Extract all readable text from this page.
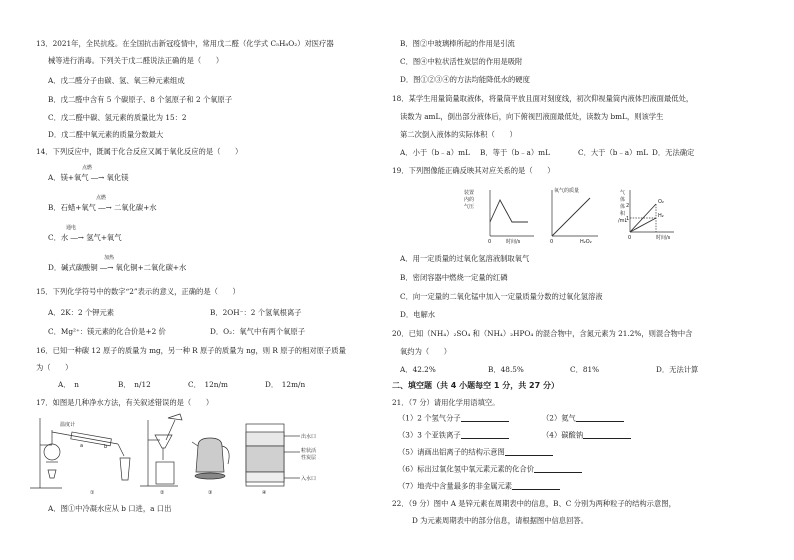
13．2021年，全民抗疫。在全国抗击新冠疫情中，常用戊二醛（化学式 C₅H₈O₂）对医疗器
械等进行消毒。下列关于戊二醛说法正确的是（　　）
A．戊二醛分子由碳、氢、氧三种元素组成
B．戊二醛中含有 5 个碳原子、8 个氢原子和 2 个氧原子
C．戊二醛中碳、氢元素的质量比为 15：2
D．戊二醛中氧元素的质量分数最大
14．下列反应中，既属于化合反应又属于氧化反应的是（　　）
点燃
A．镁+氧气 ―→ 氧化镁
点燃
B．石蜡+氧气 ―→ 二氧化碳+水
通电
C．水 ―→ 氢气+氧气
加热
D．碱式碳酸铜 ―→ 氧化铜+二氧化碳+水
15．下列化学符号中的数字“2”表示的意义，正确的是（　　）
A．2K：2 个钾元素	B．2OH⁻：2 个氢氧根离子
C．Mg²⁺：镁元素的化合价是+2 价	D．O₂：氧气中有两个氧原子
16．已知一种碳 12 原子的质量为 mg，另一种 R 原子的质量为 ng，则 R 原子的相对原子质量
为（　　）
A．　n	B．　n/12	C．　12n/m	D．　12m/n
17．如图是几种净水方法，有关叙述错误的是（　　）
温度计
a	b
①	②	③
出水口
粒状活
性炭层
入水口
④
A．图①中冷凝水应从 b 口进，a 口出
B．图②中玻璃棒所起的作用是引流
C．图④中粒状活性炭层的作用是吸附
D．图①②③④的方法均能降低水的硬度
18．某学生用量筒量取液体，将量筒平放且面对刻度线，初次仰视量筒内液体凹液面最低处，
读数为 amL，倒出部分液体后，向下俯视凹液面最低处，读数为 bmL，则该学生
第二次倒入液体的实际体积（　　）
A．小于（b﹣a）mL B．等于（b﹣a）mL	C．大于（b﹣a）mL D．无法确定
19．下列图像能正确反映其对应关系的是（　　）
装置
内的
气压
0	时间/s
氧气的质量
0	H₂O₂
气
体
体
积
/mL
O₂
H₂
1
2
0	时间/s
A．用一定质量的过氧化氢溶液制取氧气
B．密闭容器中燃烧一定量的红磷
C．向一定量的二氧化锰中加入一定量质量分数的过氧化氢溶液
D．电解水
20．已知（NH₄）₂SO₄ 和（NH₄）₂HPO₄ 的混合物中，含氮元素为 21.2%，则混合物中含
氧约为（　　）
A．42.2%	B．48.5%	C．81%	D．无法计算
二、填空题（共 4 小题每空 1 分，共 27 分）
21．（7 分）请用化学用语填空。
（1）2 个氢气分子	（2）氦气
（3）3 个亚铁离子	（4）碳酸钠
（5）请画出铝离子的结构示意图
（6）标出过氧化氢中氧元素元素的化合价
（7）地壳中含量最多的非金属元素
22．（9 分）图中 A 是锌元素在周期表中的信息，B、C 分别为两种粒子的结构示意图，
D 为元素周期表中的部分信息，请根据图中信息回答。
